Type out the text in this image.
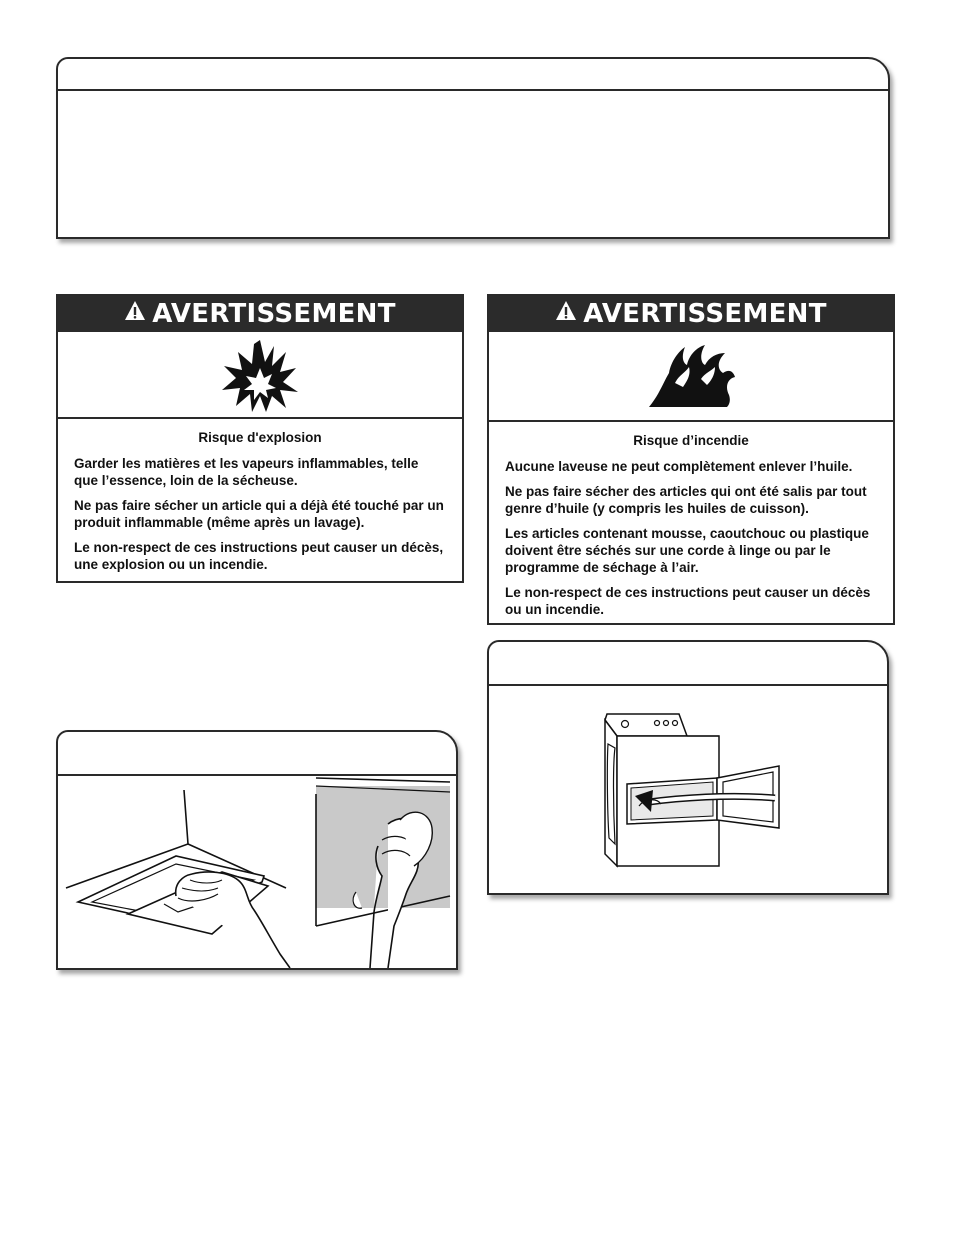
AVERTISSEMENT
Risque d'explosion

Garder les matières et les vapeurs inflammables, telle que l’essence, loin de la sécheuse.

Ne pas faire sécher un article qui a déjà été touché par un produit inflammable (même après un lavage).

Le non-respect de ces instructions peut causer un décès, une explosion ou un incendie.

AVERTISSEMENT
Risque d’incendie

Aucune laveuse ne peut complètement enlever l’huile.

Ne pas faire sécher des articles qui ont été salis par tout genre d’huile (y compris les huiles de cuisson).

Les articles contenant mousse, caoutchouc ou plastique doivent être séchés sur une corde à linge ou par le programme de séchage à l’air.

Le non-respect de ces instructions peut causer un décès ou un incendie.
